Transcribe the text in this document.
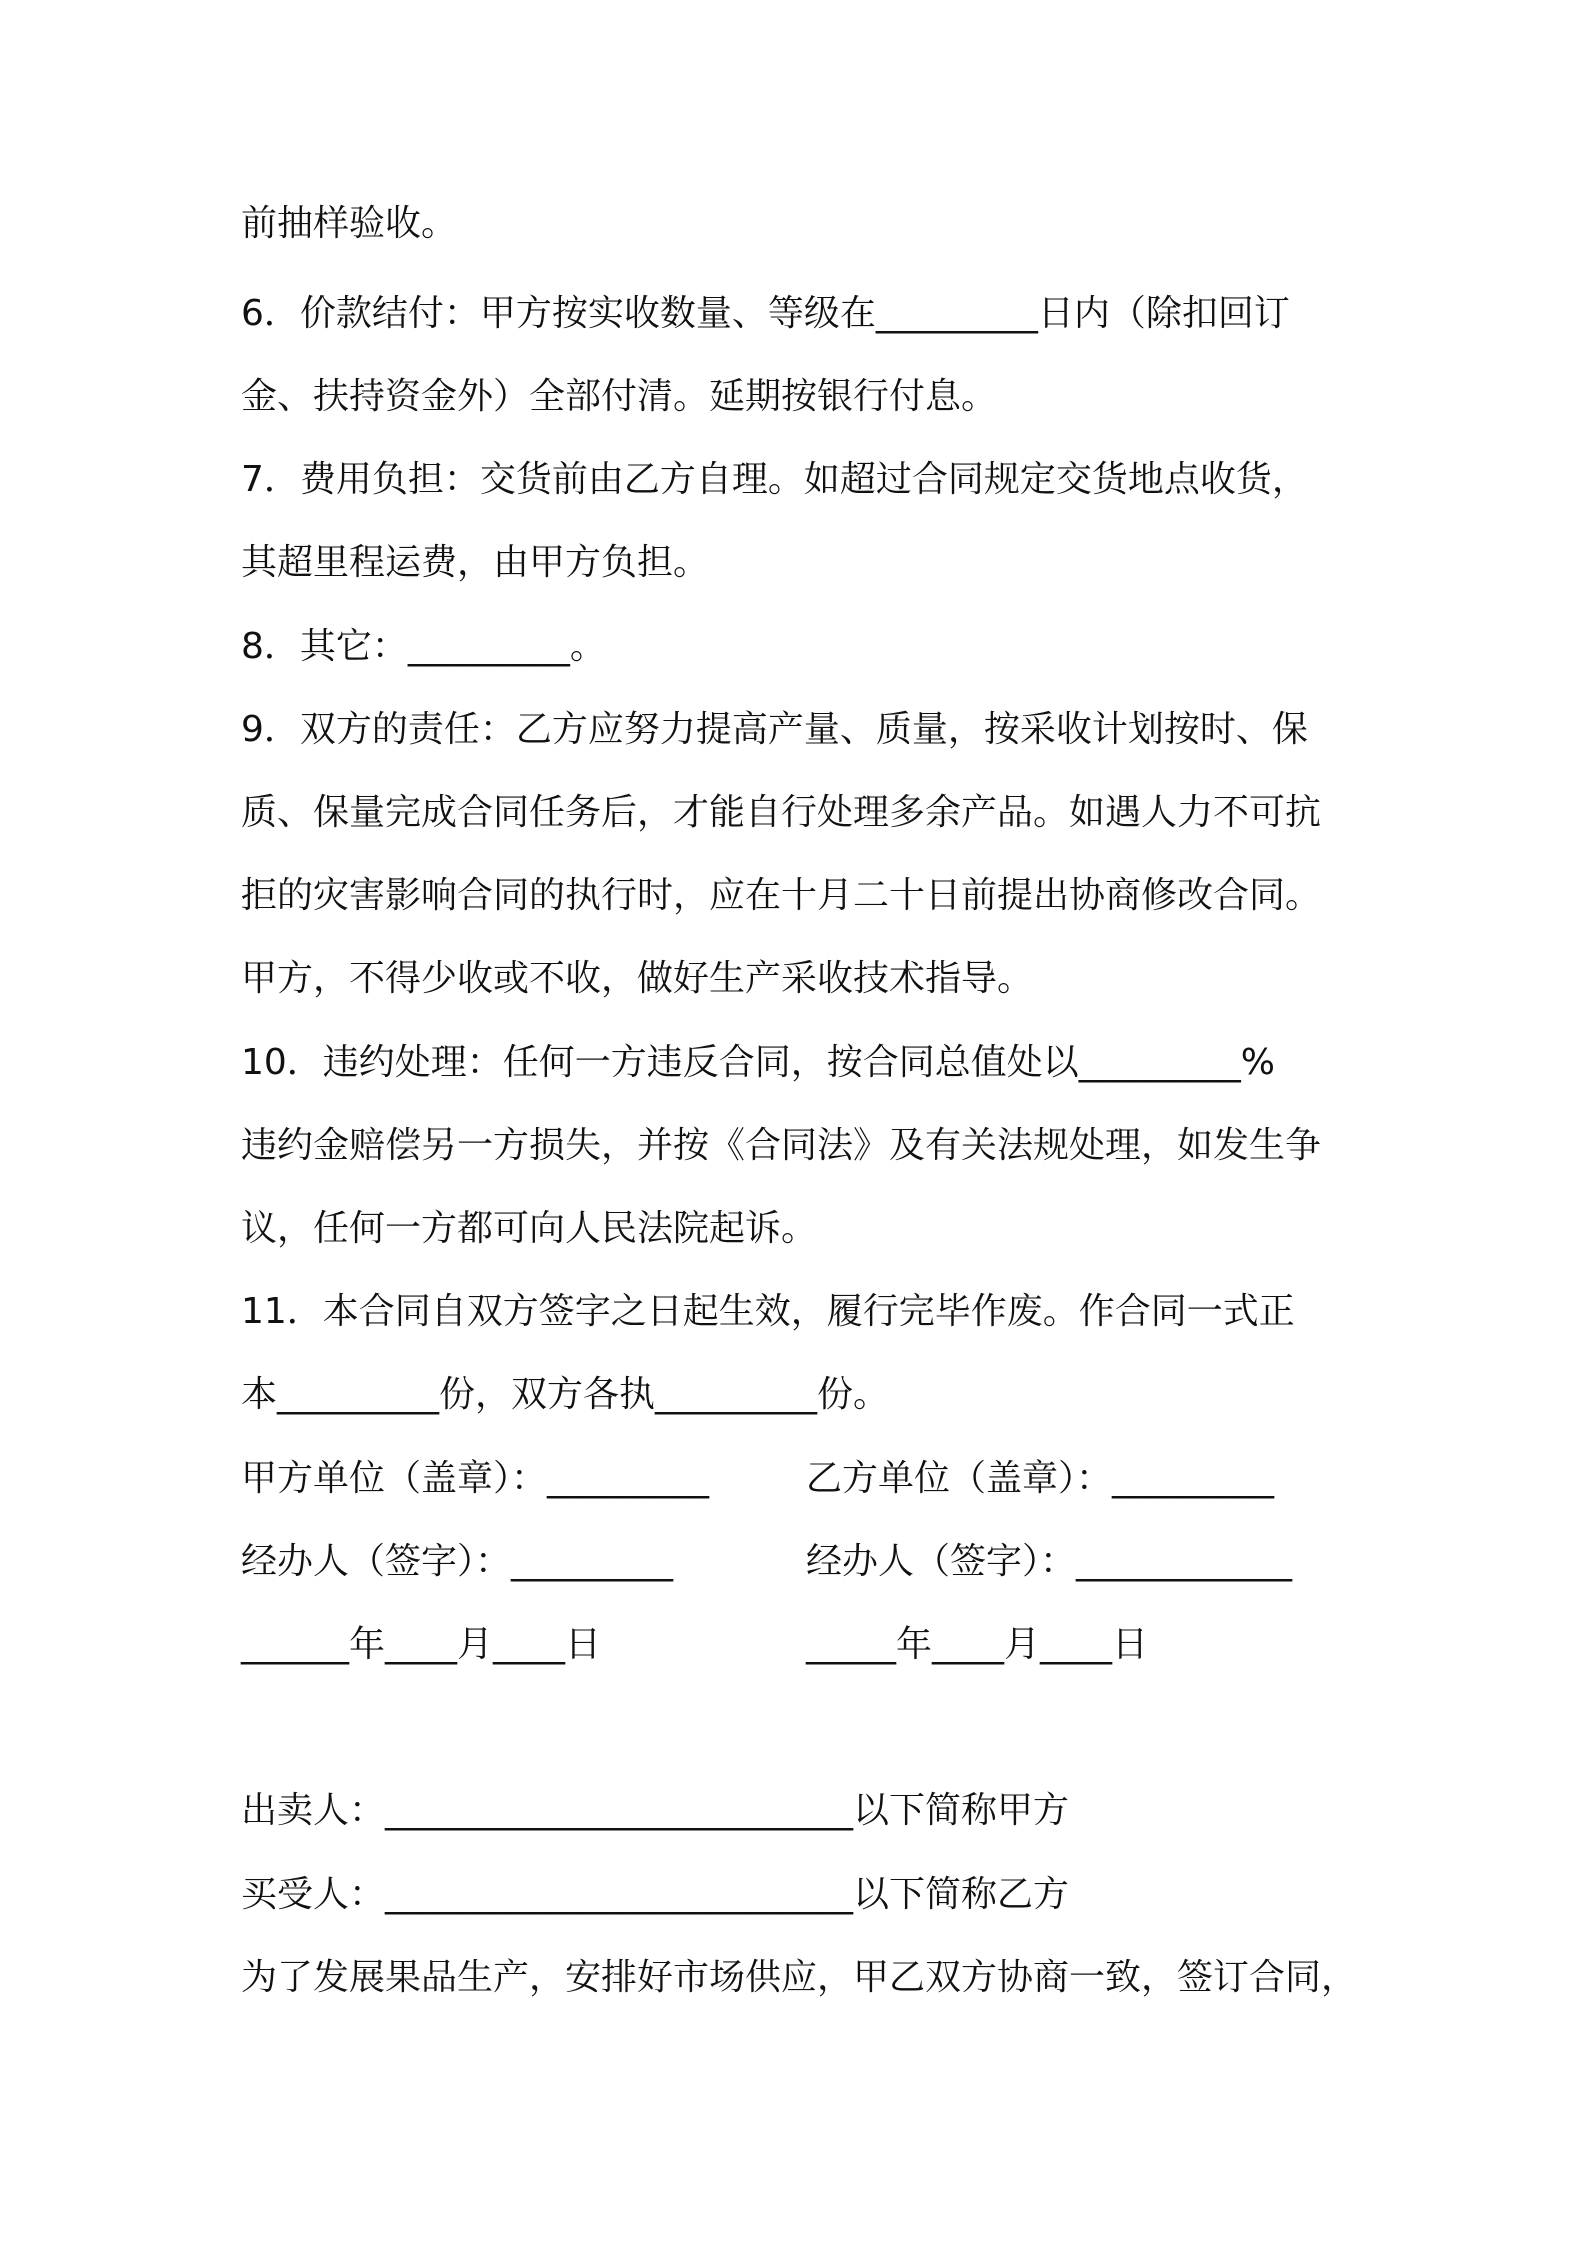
前抽样验收。
6．价款结付：甲方按实收数量、等级在_________日内（除扣回订
金、扶持资金外）全部付清。延期按银行付息。
7．费用负担：交货前由乙方自理。如超过合同规定交货地点收货，
其超里程运费，由甲方负担。
8．其它：_________。
9．双方的责任：乙方应努力提高产量、质量，按采收计划按时、保
质、保量完成合同任务后，才能自行处理多余产品。如遇人力不可抗
拒的灾害影响合同的执行时，应在十月二十日前提出协商修改合同。
甲方，不得少收或不收，做好生产采收技术指导。
10．违约处理：任何一方违反合同，按合同总值处以_________%
违约金赔偿另一方损失，并按《合同法》及有关法规处理，如发生争
议，任何一方都可向人民法院起诉。
11．本合同自双方签字之日起生效，履行完毕作废。作合同一式正
本_________份，双方各执_________份。
甲方单位（盖章）：_________	乙方单位（盖章）：_________
经办人（签字）：_________	经办人（签字）：____________
______年____月____日	_____年____月____日
出卖人：__________________________以下简称甲方
买受人：__________________________以下简称乙方
为了发展果品生产，安排好市场供应，甲乙双方协商一致，签订合同，
